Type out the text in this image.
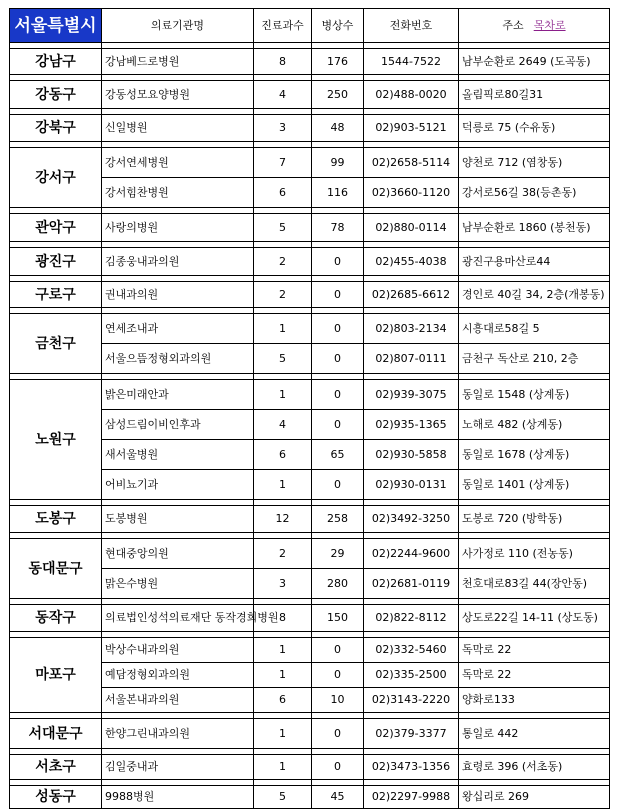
서울특별시	의료기관명	진료과수	병상수	전화번호	주소 목차로

강남구	강남베드로병원	8	176	1544-7522	남부순환로 2649 (도곡동)

강동구	강동성모요양병원	4	250	02)488-0020	올림픽로80길31

강북구	신일병원	3	48	02)903-5121	덕릉로 75 (수유동)

강서구	강서연세병원	7	99	02)2658-5114	양천로 712 (염창동)
	강서힘찬병원	6	116	02)3660-1120	강서로56길 38(등촌동)

관악구	사랑의병원	5	78	02)880-0114	남부순환로 1860 (봉천동)

광진구	김종웅내과의원	2	0	02)455-4038	광진구용마산로44

구로구	권내과의원	2	0	02)2685-6612	경인로 40길 34, 2층(개봉동)

금천구	연세조내과	1	0	02)803-2134	시흥대로58길 5
	서울으뜸정형외과의원	5	0	02)807-0111	금천구 독산로 210, 2층

노원구	밝은미래안과	1	0	02)939-3075	동일로 1548 (상계동)
	삼성드림이비인후과	4	0	02)935-1365	노해로 482 (상계동)
	새서울병원	6	65	02)930-5858	동일로 1678 (상계동)
	어비뇨기과	1	0	02)930-0131	동일로 1401 (상계동)

도봉구	도봉병원	12	258	02)3492-3250	도봉로 720 (방학동)

동대문구	현대중앙의원	2	29	02)2244-9600	사가정로 110 (전농동)
	맑은수병원	3	280	02)2681-0119	천호대로83길 44(장안동)

동작구	의료법인성석의료재단 동작경희병원	8	150	02)822-8112	상도로22길 14-11 (상도동)

마포구	박상수내과의원	1	0	02)332-5460	독막로 22
	예담정형외과의원	1	0	02)335-2500	독막로 22
	서울본내과의원	6	10	02)3143-2220	양화로133

서대문구	한양그린내과의원	1	0	02)379-3377	통일로 442

서초구	김일중내과	1	0	02)3473-1356	효령로 396 (서초동)

성동구	9988병원	5	45	02)2297-9988	왕십리로 269
